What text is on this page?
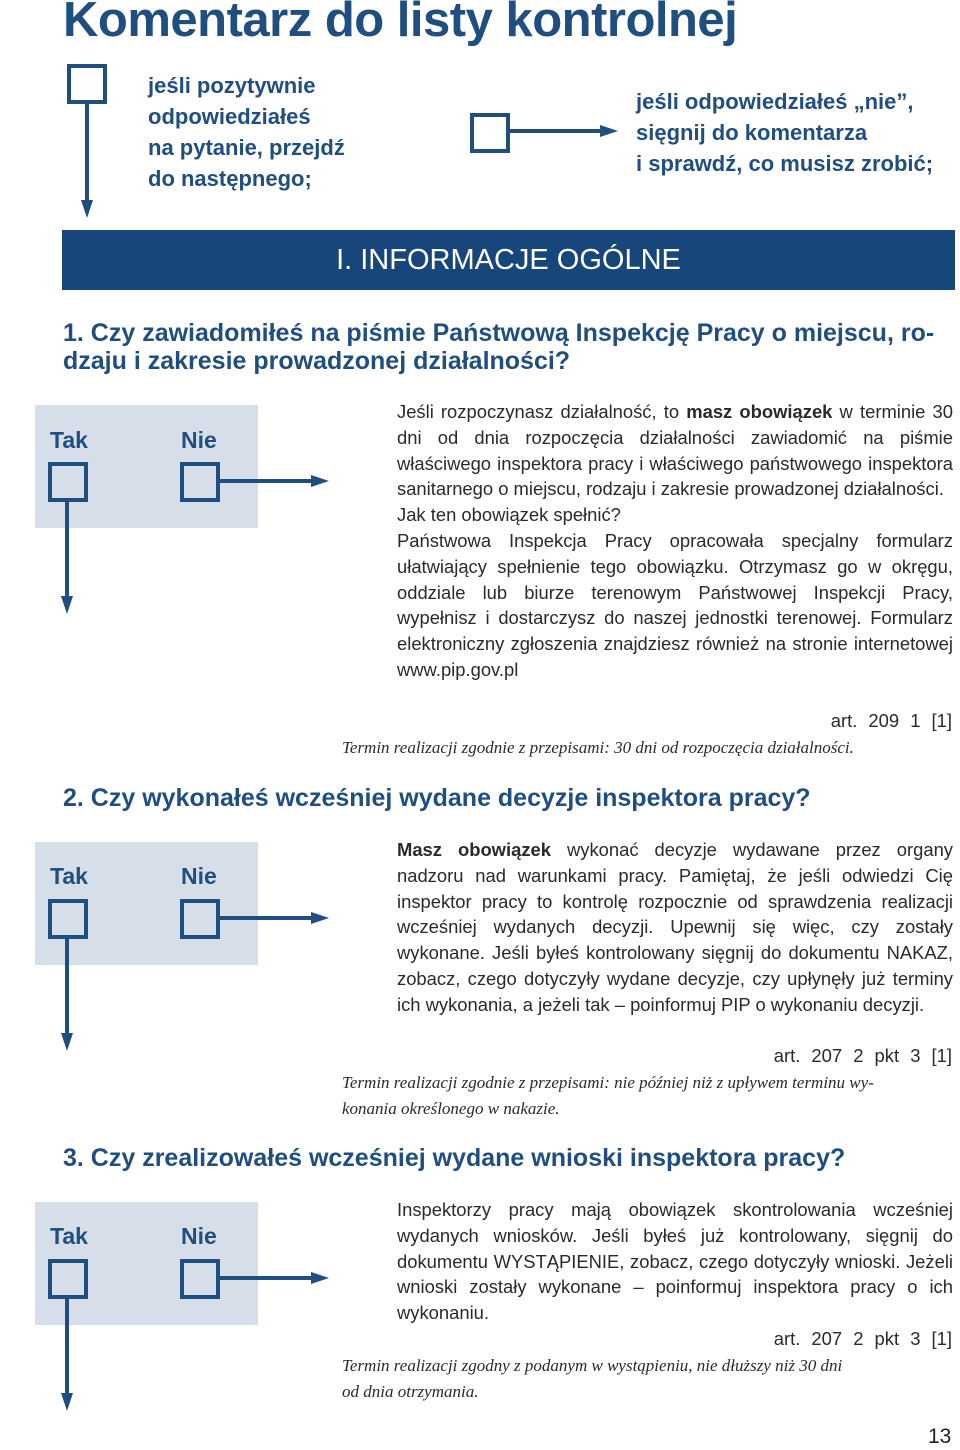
Komentarz do listy kontrolnej
jeśli pozytywnie
odpowiedziałeś
na pytanie, przejdź
do następnego;
jeśli odpowiedziałeś „nie”,
sięgnij do komentarza
i sprawdź, co musisz zrobić;
I. INFORMACJE OGÓLNE
1. Czy zawiadomiłeś na piśmie Państwową Inspekcję Pracy o miejscu, ro-
dzaju i zakresie prowadzonej działalności?
Tak	Nie

Jeśli rozpoczynasz działalność, to masz obowiązek w terminie 30 dni od dnia rozpoczęcia działalności zawiadomić na piśmie właściwego inspektora pracy i właściwego państwowego inspektora sanitarnego o miejscu, rodzaju i zakresie prowadzonej działalności.

Jak ten obowiązek spełnić?

Państwowa Inspekcja Pracy opracowała specjalny formularz ułatwiający spełnienie tego obowiązku. Otrzymasz go w okręgu, oddziale lub biurze terenowym Państwowej Inspekcji Pracy, wypełnisz i dostarczysz do naszej jednostki terenowej. Formularz elektroniczny zgłoszenia znajdziesz również na stronie internetowej www.pip.gov.pl

art. 209 1 [1]
Termin realizacji zgodnie z przepisami: 30 dni od rozpoczęcia działalności.
2. Czy wykonałeś wcześniej wydane decyzje inspektora pracy?
Tak	Nie

Masz obowiązek wykonać decyzje wydawane przez organy nadzoru nad warunkami pracy. Pamiętaj, że jeśli odwiedzi Cię inspektor pracy to kontrolę rozpocznie od sprawdzenia realizacji wcześniej wydanych decyzji. Upewnij się więc, czy zostały wykonane. Jeśli byłeś kontrolowany sięgnij do dokumentu NAKAZ, zobacz, czego dotyczyły wydane decyzje, czy upłynęły już terminy ich wykonania, a jeżeli tak – poinformuj PIP o wykonaniu decyzji.

art. 207 2 pkt 3 [1]
Termin realizacji zgodnie z przepisami: nie później niż z upływem terminu wy-
konania określonego w nakazie.
3. Czy zrealizowałeś wcześniej wydane wnioski inspektora pracy?
Tak	Nie

Inspektorzy pracy mają obowiązek skontrolowania wcześniej wydanych wniosków. Jeśli byłeś już kontrolowany, sięgnij do dokumentu WYSTĄPIENIE, zobacz, czego dotyczyły wnioski. Jeżeli wnioski zostały wykonane – poinformuj inspektora pracy o ich wykonaniu.

art. 207 2 pkt 3 [1]
Termin realizacji zgodny z podanym w wystąpieniu, nie dłuższy niż 30 dni
od dnia otrzymania.
13
